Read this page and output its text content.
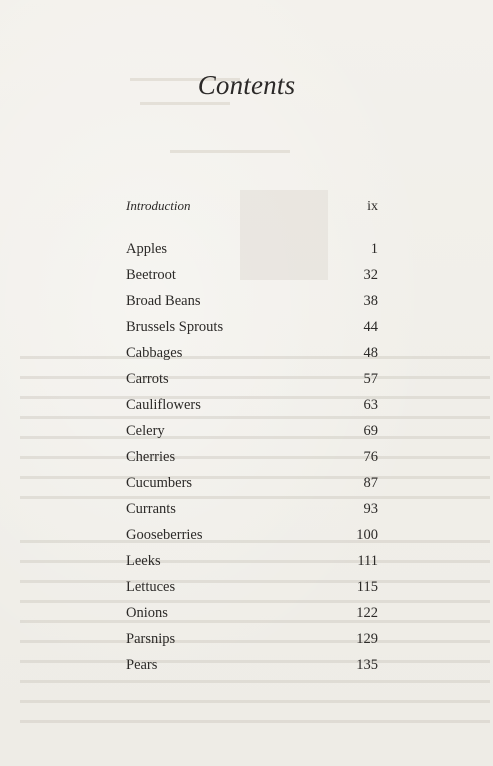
Contents
Introduction	ix
Apples	1
Beetroot	32
Broad Beans	38
Brussels Sprouts	44
Cabbages	48
Carrots	57
Cauliflowers	63
Celery	69
Cherries	76
Cucumbers	87
Currants	93
Gooseberries	100
Leeks	111
Lettuces	115
Onions	122
Parsnips	129
Pears	135
